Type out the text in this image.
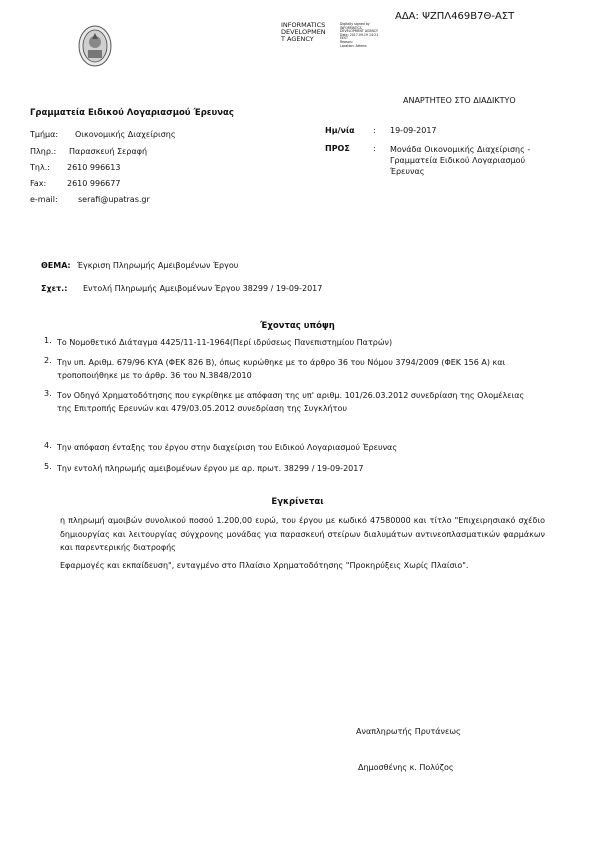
INFORMATICS
DEVELOPMEN
T AGENCY
Digitally signed by
INFORMATICS
DEVELOPMENT AGENCY
Date: 2017.09.19 14:21
EEST
Reason:
Location: Athens
ΑΔΑ: ΨΖΠΛ469Β7Θ-ΑΣΤ
ΑΝΑΡΤΗΤΕΟ ΣΤΟ ΔΙΑΔΙΚΤΥΟ
Γραμματεία Ειδικού Λογαριασμού Έρευνας
Τμήμα: Οικονομικής Διαχείρισης
Πληρ.: Παρασκευή Σεραφή
Τηλ.: 2610 996613
Fax:	2610 996677
e-mail:	serafi@upatras.gr
Ημ/νία : 19-09-2017
ΠΡΟΣ	: Μονάδα Οικονομικής Διαχείρισης -
Γραμματεία Ειδικού Λογαριασμού
Έρευνας
ΘΕΜΑ: Έγκριση Πληρωμής Αμειβομένων Έργου
Σχετ.: Εντολή Πληρωμής Αμειβομένων Έργου 38299 / 19-09-2017
Έχοντας υπόψη
1. Το Νομοθετικό Διάταγμα 4425/11-11-1964(Περί ιδρύσεως Πανεπιστημίου Πατρών)
2. Την υπ. Αριθμ. 679/96 ΚΥΑ (ΦΕΚ 826 Β), όπως κυρώθηκε με το άρθρο 36 του Νόμου 3794/2009 (ΦΕΚ 156 Α) και τροποποιήθηκε με το άρθρ. 36 του Ν.3848/2010
3. Τον Οδηγό Χρηματοδότησης που εγκρίθηκε με απόφαση της υπ' αριθμ. 101/26.03.2012 συνεδρίαση της Ολομέλειας της Επιτροπής Ερευνών και 479/03.05.2012 συνεδρίαση της Συγκλήτου
4. Την απόφαση ένταξης του έργου στην διαχείριση του Ειδικού Λογαριασμού Έρευνας
5. Την εντολή πληρωμής αμειβομένων έργου με αρ. πρωτ. 38299 / 19-09-2017
Εγκρίνεται
η πληρωμή αμοιβών συνολικού ποσού 1.200,00 ευρώ, του έργου με κωδικό 47580000 και τίτλο "Επιχειρησιακό σχέδιο δημιουργίας και λειτουργίας σύγχρονης μονάδας για παρασκευή στείρων διαλυμάτων αντινεοπλασματικών φαρμάκων και παρεντερικής διατροφής
Εφαρμογές και εκπαίδευση", ενταγμένο στο Πλαίσιο Χρηματοδότησης "Προκηρύξεις Χωρίς Πλαίσιο".
Αναπληρωτής Πρυτάνεως
Δημοσθένης κ. Πολύζος
